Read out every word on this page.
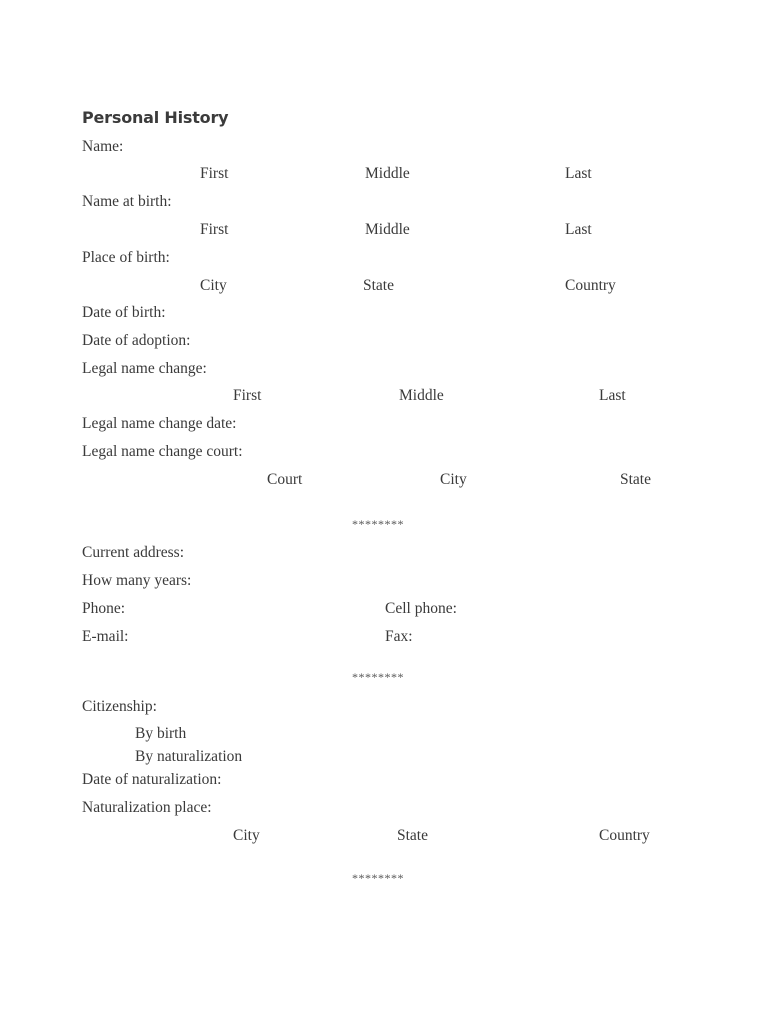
Personal History
Name:
First	Middle	Last
Name at birth:
First	Middle	Last
Place of birth:
City	State	Country
Date of birth:
Date of adoption:
Legal name change:
First	Middle	Last
Legal name change date:
Legal name change court:
Court	City	State
********
Current address:
How many years:
Phone:	Cell phone:
E-mail:	Fax:
********
Citizenship:
By birth
By naturalization
Date of naturalization:
Naturalization place:
City	State	Country
********
